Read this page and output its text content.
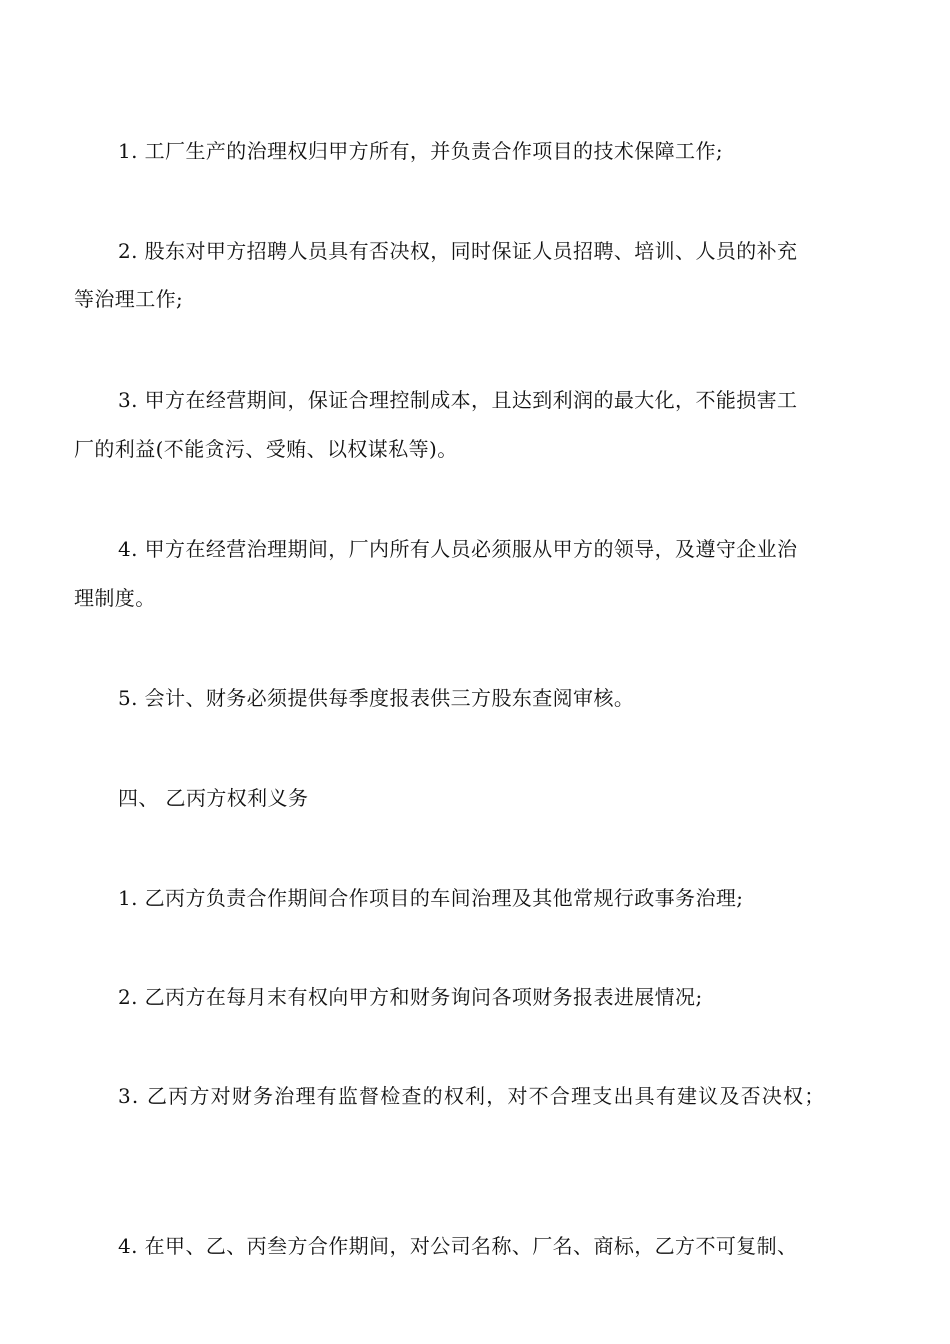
1. 工厂生产的治理权归甲方所有，并负责合作项目的技术保障工作;
2. 股东对甲方招聘人员具有否决权，同时保证人员招聘、培训、人员的补充
等治理工作;
3. 甲方在经营期间，保证合理控制成本，且达到利润的最大化，不能损害工
厂的利益(不能贪污、受贿、以权谋私等)。
4. 甲方在经营治理期间，厂内所有人员必须服从甲方的领导，及遵守企业治
理制度。
5. 会计、财务必须提供每季度报表供三方股东查阅审核。
四、 乙丙方权利义务
1. 乙丙方负责合作期间合作项目的车间治理及其他常规行政事务治理;
2. 乙丙方在每月末有权向甲方和财务询问各项财务报表进展情况;
3. 乙丙方对财务治理有监督检查的权利，对不合理支出具有建议及否决权；
4. 在甲、乙、丙叁方合作期间，对公司名称、厂名、商标，乙方不可复制、
